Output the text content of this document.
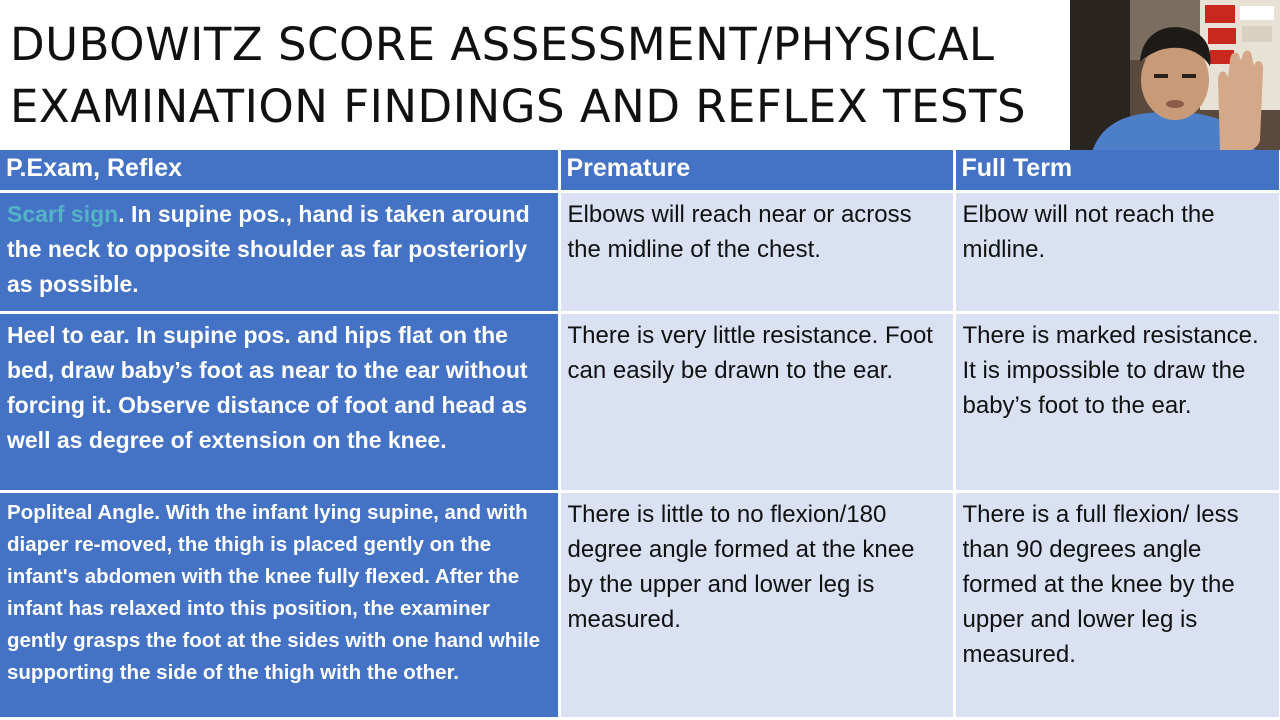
DUBOWITZ SCORE ASSESSMENT/PHYSICAL EXAMINATION FINDINGS AND REFLEX TESTS
P.Exam, Reflex	Premature	Full Term
Scarf sign. In supine pos., hand is taken around the neck to opposite shoulder as far posteriorly as possible.	Elbows will reach near or across the midline of the chest.	Elbow will not reach the midline.
Heel to ear. In supine pos. and hips flat on the bed, draw baby’s foot as near to the ear without forcing it. Observe distance of foot and head as well as degree of extension on the knee.	There is very little resistance. Foot can easily be drawn to the ear.	There is marked resistance. It is impossible to draw the baby’s foot to the ear.
Popliteal Angle. With the infant lying supine, and with diaper re-moved, the thigh is placed gently on the infant's abdomen with the knee fully flexed. After the infant has relaxed into this position, the examiner gently grasps the foot at the sides with one hand while supporting the side of the thigh with the other.	There is little to no flexion/180 degree angle formed at the knee by the upper and lower leg is measured.	There is a full flexion/ less than 90 degrees angle formed at the knee by the upper and lower leg is measured.
